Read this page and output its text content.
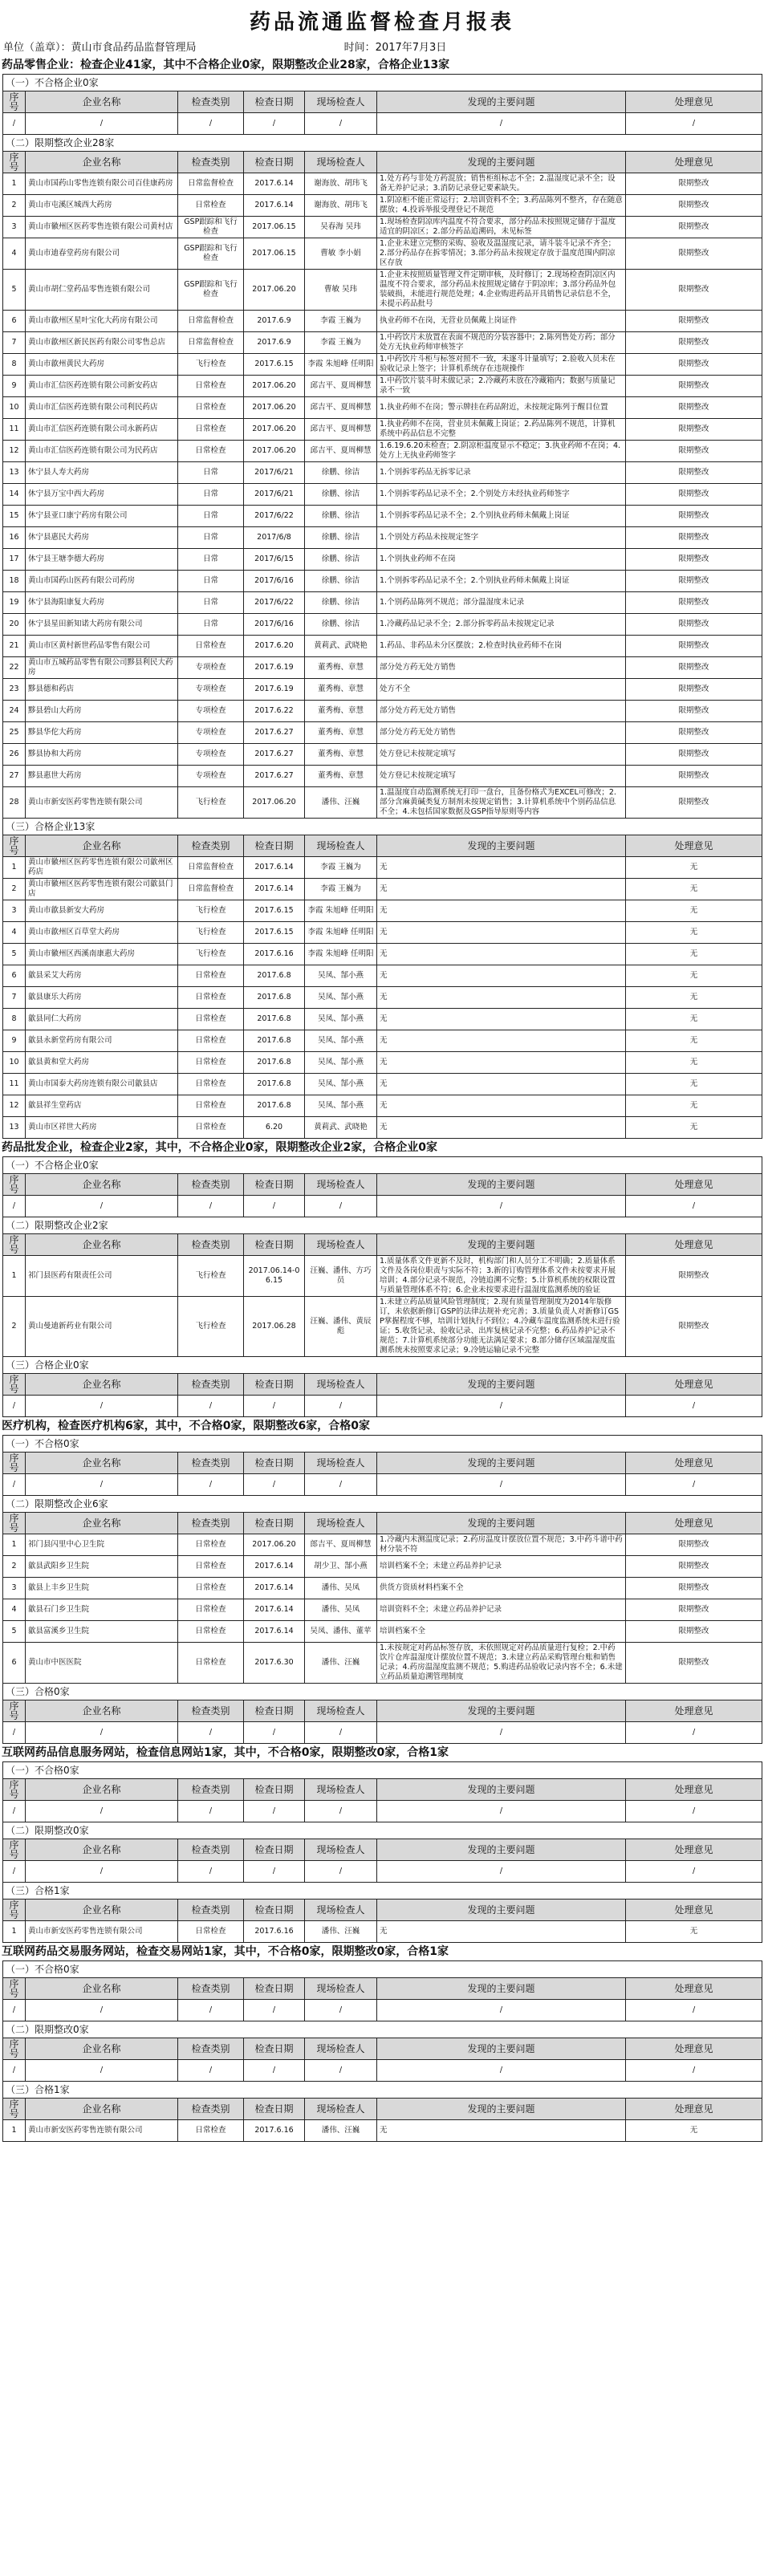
药品流通监督检查月报表
单位（盖章）：黄山市食品药品监督管理局	时间：2017年7月3日
药品零售企业：检查企业41家，其中不合格企业0家，限期整改企业28家，合格企业13家
（一）不合格企业0家						
序号	企业名称	检查类别	检查日期	现场检查人	发现的主要问题	处理意见
/	/	/	/	/	/	/
（二）限期整改企业28家						
序号	企业名称	检查类别	检查日期	现场检查人	发现的主要问题	处理意见
1	黄山市国药山零售连锁有限公司百佳康药房	日常监督检查	2017.6.14	谢海放、胡玮飞	1.处方药与非处方药混放；销售柜组标志不全；2.温湿度记录不全；设备无养护记录；3.消防记录登记要素缺失。	限期整改
2	黄山市屯溪区城西大药房	日常检查	2017.6.14	谢海放、胡玮飞	1.阴凉柜不能正常运行；2.培训资料不全；3.药品陈列不整齐，存在随意摆放；4.投诉举报受理登记不规范	限期整改
3	黄山市徽州区医药零售连锁有限公司黄村店	GSP跟踪和飞行检查	2017.06.15	吴春海 吴玮	1.现场检查阴凉库内温度不符合要求，部分药品未按照规定储存于温度适宜的阴凉区；2.部分药品追溯码，未见标签	限期整改
4	黄山市迪春堂药房有限公司	GSP跟踪和飞行检查	2017.06.15	曹敏 李小娟	1.企业未建立完整的采购、验收及温湿度记录，请斗装斗记录不齐全；2.部分药品存在拆零情况；3.部分药品未按规定存放于温度范围内阴凉区存放	限期整改
5	黄山市胡仁堂药品零售连锁有限公司	GSP跟踪和飞行检查	2017.06.20	曹敏 吴玮	1.企业未按照质量管理文件定期审核，及时修订；2.现场检查阴凉区内温度不符合要求，部分药品未按照规定储存于阴凉库；3.部分药品外包装破损，未能进行规范处理；4.企业购进药品开具销售记录信息不全，未提示药品批号	限期整改
6	黄山市歙州区星叶宝化大药房有限公司	日常监督检查	2017.6.9	李霞 王巍为	执业药师不在岗，无营业员佩戴上岗证件	限期整改
7	黄山市歙州区新民医药有限公司零售总店	日常监督检查	2017.6.9	李霞 王巍为	1.中药饮片未放置在表面不规范的分装容器中；2.陈列售处方药；部分处方无执业药师审核签字	限期整改
8	黄山市歙州黄民大药房	飞行检查	2017.6.15	李霞 朱旭峰 任明阳	1.中药饮片斗柜与标签对照不一致，未逐斗计量填写；2.验收入员未在验收记录上签字；计算机系统存在违规操作	限期整改
9	黄山市汇信医药连锁有限公司新安药店	日常检查	2017.06.20	邱吉平、夏周柳慧	1.中药饮片装斗时未做记录；2.冷藏药未放在冷藏箱内；数据与质量记录不一致	限期整改
10	黄山市汇信医药连锁有限公司利民药店	日常检查	2017.06.20	邱吉平、夏周柳慧	1.执业药师不在岗；警示牌挂在药品附近，未按规定陈列于醒目位置	限期整改
11	黄山市汇信医药连锁有限公司永新药店	日常检查	2017.06.20	邱吉平、夏周柳慧	1.执业药师不在岗，营业员未佩戴上岗证；2.药品陈列不规范，计算机系统中药品信息不完整	限期整改
12	黄山市汇信医药连锁有限公司为民药店	日常检查	2017.06.20	邱吉平、夏周柳慧	1.6.19.6.20未检查；2.阴凉柜温度显示不稳定；3.执业药师不在岗；4.处方上无执业药师签字	限期整改
13	休宁县人寿大药房	日常	2017/6/21	徐鹏、徐洁	1.个别拆零药品无拆零记录	限期整改
14	休宁县万宝中西大药房	日常	2017/6/21	徐鹏、徐洁	1.个别拆零药品记录不全；2.个别处方未经执业药师签字	限期整改
15	休宁县亚口康宁药房有限公司	日常	2017/6/22	徐鹏、徐洁	1.个别拆零药品记录不全；2.个别执业药师未佩戴上岗证	限期整改
16	休宁县惠民大药房	日常	2017/6/8	徐鹏、徐洁	1.个别处方药品未按规定签字	限期整改
17	休宁县王塘李德大药房	日常	2017/6/15	徐鹏、徐洁	1.个别执业药师不在岗	限期整改
18	黄山市国药山医药有限公司药房	日常	2017/6/16	徐鹏、徐洁	1.个别拆零药品记录不全；2.个别执业药师未佩戴上岗证	限期整改
19	休宁县海阳康复大药房	日常	2017/6/22	徐鹏、徐洁	1.个别药品陈列不规范；部分温湿度未记录	限期整改
20	休宁县星田新知诺大药房有限公司	日常	2017/6/16	徐鹏、徐洁	1.冷藏药品记录不全；2.部分拆零药品未按规定记录	限期整改
21	黄山市区黄村新世药品零售有限公司	日常检查	2017.6.20	黄莉武、武晓艳	1.药品、非药品未分区摆放；2.检查时执业药师不在岗	限期整改
22	黄山市五城药品零售有限公司黟县利民大药房	专项检查	2017.6.19	董秀梅、章慧	部分处方药无处方销售	限期整改
23	黟县德和药店	专项检查	2017.6.19	董秀梅、章慧	处方不全	限期整改
24	黟县碧山大药房	专项检查	2017.6.22	董秀梅、章慧	部分处方药无处方销售	限期整改
25	黟县华佗大药房	专项检查	2017.6.27	董秀梅、章慧	部分处方药无处方销售	限期整改
26	黟县协和大药房	专项检查	2017.6.27	董秀梅、章慧	处方登记未按规定填写	限期整改
27	黟县惠世大药房	专项检查	2017.6.27	董秀梅、章慧	处方登记未按规定填写	限期整改
28	黄山市新安医药零售连锁有限公司	飞行检查	2017.06.20	潘伟、汪巍	1.温湿度自动监测系统无打印一盘台，且备份格式为EXCEL可修改；2.部分含麻黄碱类复方制剂未按规定销售；3.计算机系统中个别药品信息不全；4.未包括国家数据及GSP指导原则等内容	限期整改
（三）合格企业13家						
序号	企业名称	检查类别	检查日期	现场检查人	发现的主要问题	处理意见
1	黄山市徽州区医药零售连锁有限公司歙州区药店	日常监督检查	2017.6.14	李霞 王巍为	无	无
2	黄山市徽州区医药零售连锁有限公司歙县门店	日常监督检查	2017.6.14	李霞 王巍为	无	无
3	黄山市歙县新安大药房	飞行检查	2017.6.15	李霞 朱旭峰 任明阳	无	无
4	黄山市歙州区百草堂大药房	飞行检查	2017.6.15	李霞 朱旭峰 任明阳	无	无
5	黄山市徽州区西溪南康惠大药房	飞行检查	2017.6.16	李霞 朱旭峰 任明阳	无	无
6	歙县采艾大药房	日常检查	2017.6.8	吴凤、郜小燕	无	无
7	歙县康乐大药房	日常检查	2017.6.8	吴凤、郜小燕	无	无
8	歙县同仁大药房	日常检查	2017.6.8	吴凤、郜小燕	无	无
9	歙县永新堂药房有限公司	日常检查	2017.6.8	吴凤、郜小燕	无	无
10	歙县黄和堂大药房	日常检查	2017.6.8	吴凤、郜小燕	无	无
11	黄山市国泰大药房连锁有限公司歙县店	日常检查	2017.6.8	吴凤、郜小燕	无	无
12	歙县祥生堂药店	日常检查	2017.6.8	吴凤、郜小燕	无	无
13	黄山市区祥世大药房	日常检查	6.20	黄莉武、武晓艳	无	无
药品批发企业，检查企业2家，其中，不合格企业0家，限期整改企业2家，合格企业0家
（一）不合格企业0家						
序号	企业名称	检查类别	检查日期	现场检查人	发现的主要问题	处理意见
/	/	/	/	/	/	/
（二）限期整改企业2家						
序号	企业名称	检查类别	检查日期	现场检查人	发现的主要问题	处理意见
1	祁门县医药有限责任公司	飞行检查	2017.06.14-06.15	汪巍、潘伟、方巧员	1.质量体系文件更新不及时，机构部门和人员分工不明确；2.质量体系文件及各岗位职责与实际不符；3.新的订购管理体系文件未按要求开展培训；4.部分记录不规范，冷链追溯不完整；5.计算机系统的权限设置与质量管理体系不符；6.企业未按要求进行温湿度监测系统的验证	限期整改
2	黄山曼迪新药业有限公司	飞行检查	2017.06.28	汪巍、潘伟、黄辰彪	1.未建立药品质量风险管理制度；2.现有质量管理制度为2014年版修订，未依据新修订GSP的法律法规补充完善；3.质量负责人对新修订GSP掌握程度不够，培训计划执行不到位；4.冷藏车温度监测系统未进行验证；5.收货记录、验收记录、出库复核记录不完整；6.药品养护记录不规范；7.计算机系统部分功能无法满足要求；8.部分储存区域温湿度监测系统未按照要求记录；9.冷链运输记录不完整	限期整改
（三）合格企业0家						
序号	企业名称	检查类别	检查日期	现场检查人	发现的主要问题	处理意见
/	/	/	/	/	/	/
医疗机构，检查医疗机构6家，其中，不合格0家，限期整改6家，合格0家
（一）不合格0家						
序号	企业名称	检查类别	检查日期	现场检查人	发现的主要问题	处理意见
/	/	/	/	/	/	/
（二）限期整改企业6家						
序号	企业名称	检查类别	检查日期	现场检查人	发现的主要问题	处理意见
1	祁门县闪里中心卫生院	日常检查	2017.06.20	郎吉平、夏周柳慧	1.冷藏内未测温度记录；2.药房温度计摆放位置不规范；3.中药斗谱中药材分装不符	限期整改
2	歙县武阳乡卫生院	日常检查	2017.6.14	胡少卫、郜小燕	培训档案不全；未建立药品养护记录	限期整改
3	歙县上丰乡卫生院	日常检查	2017.6.14	潘伟、吴凤	供货方资质材料档案不全	限期整改
4	歙县石门乡卫生院	日常检查	2017.6.14	潘伟、吴凤	培训资料不全；未建立药品养护记录	限期整改
5	歙县富溪乡卫生院	日常检查	2017.6.14	吴凤、潘伟、董苹	培训档案不全	限期整改
6	黄山市中医医院	日常检查	2017.6.30	潘伟、汪巍	1.未按规定对药品标签存放，未依照规定对药品质量进行复检；2.中药饮片仓库温湿度计摆放位置不规范；3.未建立药品采购管理台账和销售记录；4.药房温湿度监测不规范；5.购进药品验收记录内容不全；6.未建立药品质量追溯管理制度	限期整改
（三）合格0家						
序号	企业名称	检查类别	检查日期	现场检查人	发现的主要问题	处理意见
/	/	/	/	/	/	/
互联网药品信息服务网站，检查信息网站1家，其中，不合格0家，限期整改0家，合格1家
（一）不合格0家						
序号	企业名称	检查类别	检查日期	现场检查人	发现的主要问题	处理意见
/	/	/	/	/	/	/
（二）限期整改0家						
序号	企业名称	检查类别	检查日期	现场检查人	发现的主要问题	处理意见
/	/	/	/	/	/	/
（三）合格1家						
序号	企业名称	检查类别	检查日期	现场检查人	发现的主要问题	处理意见
1	黄山市新安医药零售连锁有限公司	日常检查	2017.6.16	潘伟、汪巍	无	无
互联网药品交易服务网站，检查交易网站1家，其中，不合格0家，限期整改0家，合格1家
（一）不合格0家						
序号	企业名称	检查类别	检查日期	现场检查人	发现的主要问题	处理意见
/	/	/	/	/	/	/
（二）限期整改0家						
序号	企业名称	检查类别	检查日期	现场检查人	发现的主要问题	处理意见
/	/	/	/	/	/	/
（三）合格1家						
序号	企业名称	检查类别	检查日期	现场检查人	发现的主要问题	处理意见
1	黄山市新安医药零售连锁有限公司	日常检查	2017.6.16	潘伟、汪巍	无	无
